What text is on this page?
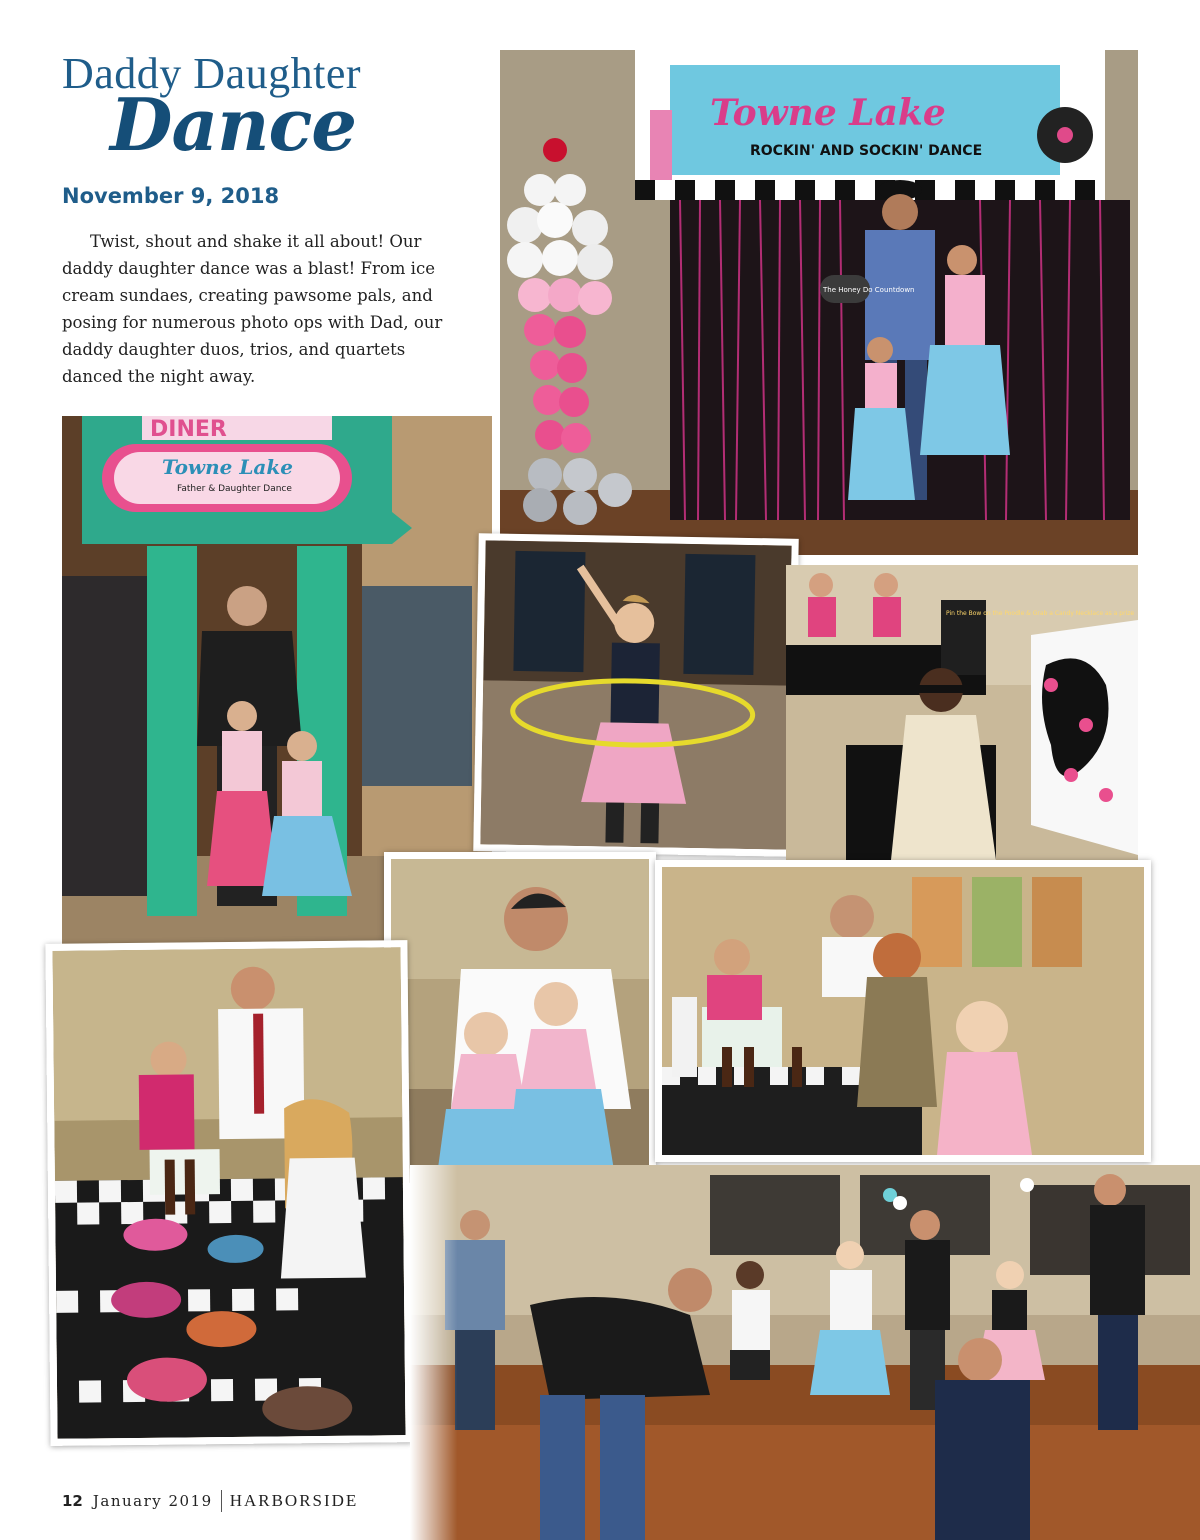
Daddy Daughter
Dance
November 9, 2018

Twist, shout and shake it all about! Our daddy daughter dance was a blast! From ice cream sundaes, creating pawsome pals, and posing for numerous photo ops with Dad, our daddy daughter duos, trios, and quartets danced the night away.

Towne Lake
ROCKIN' AND SOCKIN' DANCE
The Honey Do Countdown
DINER
Towne Lake
Father & Daughter Dance
Pin the Bow on the Poodle & Grab a Candy Necklace as a prize
12 January 2019 HARBORSIDE
